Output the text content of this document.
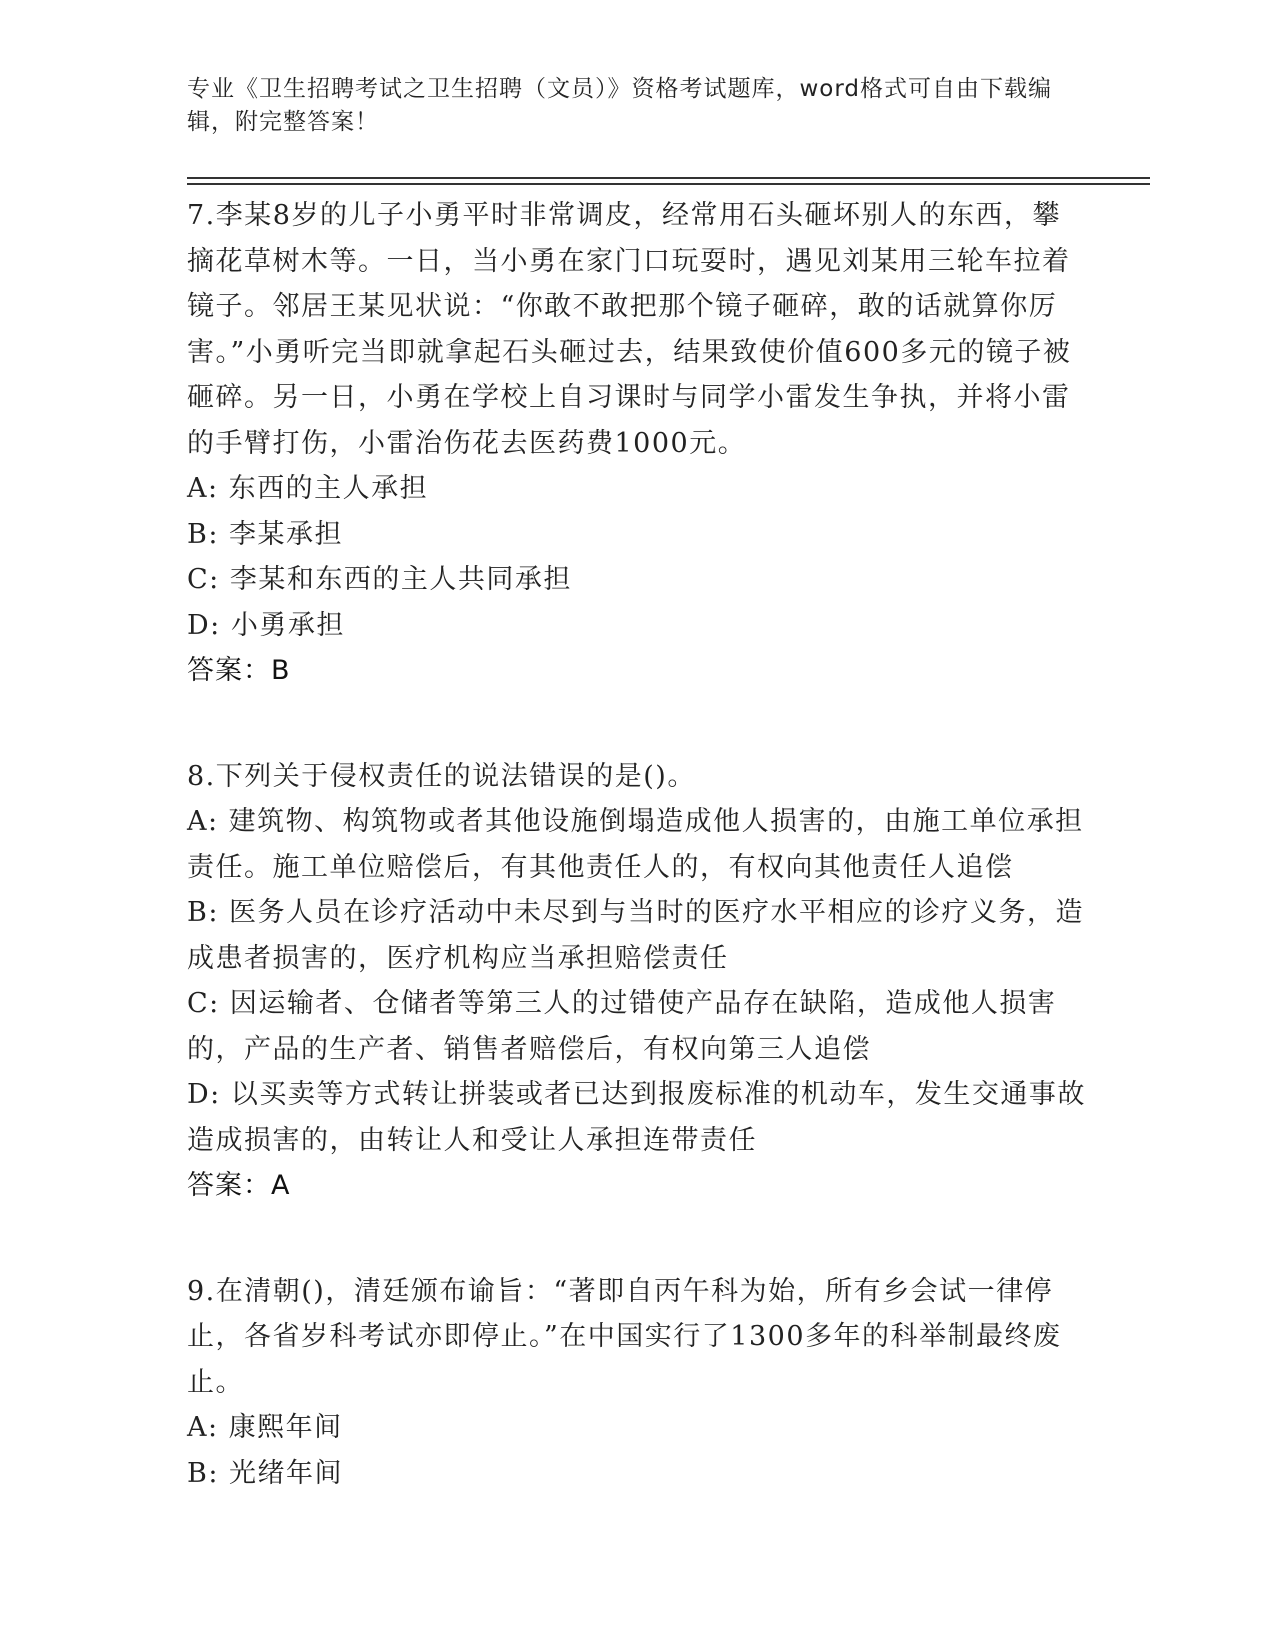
专业《卫生招聘考试之卫生招聘（文员）》资格考试题库，word格式可自由下载编辑，附完整答案！
7.李某8岁的儿子小勇平时非常调皮，经常用石头砸坏别人的东西，攀摘花草树木等。一日，当小勇在家门口玩耍时，遇见刘某用三轮车拉着镜子。邻居王某见状说：“你敢不敢把那个镜子砸碎，敢的话就算你厉害。”小勇听完当即就拿起石头砸过去，结果致使价值600多元的镜子被砸碎。另一日，小勇在学校上自习课时与同学小雷发生争执，并将小雷的手臂打伤，小雷治伤花去医药费1000元。
A: 东西的主人承担
B: 李某承担
C: 李某和东西的主人共同承担
D: 小勇承担
答案：B
8.下列关于侵权责任的说法错误的是()。
A: 建筑物、构筑物或者其他设施倒塌造成他人损害的，由施工单位承担责任。施工单位赔偿后，有其他责任人的，有权向其他责任人追偿
B: 医务人员在诊疗活动中未尽到与当时的医疗水平相应的诊疗义务，造成患者损害的，医疗机构应当承担赔偿责任
C: 因运输者、仓储者等第三人的过错使产品存在缺陷，造成他人损害的，产品的生产者、销售者赔偿后，有权向第三人追偿
D: 以买卖等方式转让拼装或者已达到报废标准的机动车，发生交通事故造成损害的，由转让人和受让人承担连带责任
答案：A
9.在清朝()，清廷颁布谕旨：“著即自丙午科为始，所有乡会试一律停止，各省岁科考试亦即停止。”在中国实行了1300多年的科举制最终废止。
A: 康熙年间
B: 光绪年间
